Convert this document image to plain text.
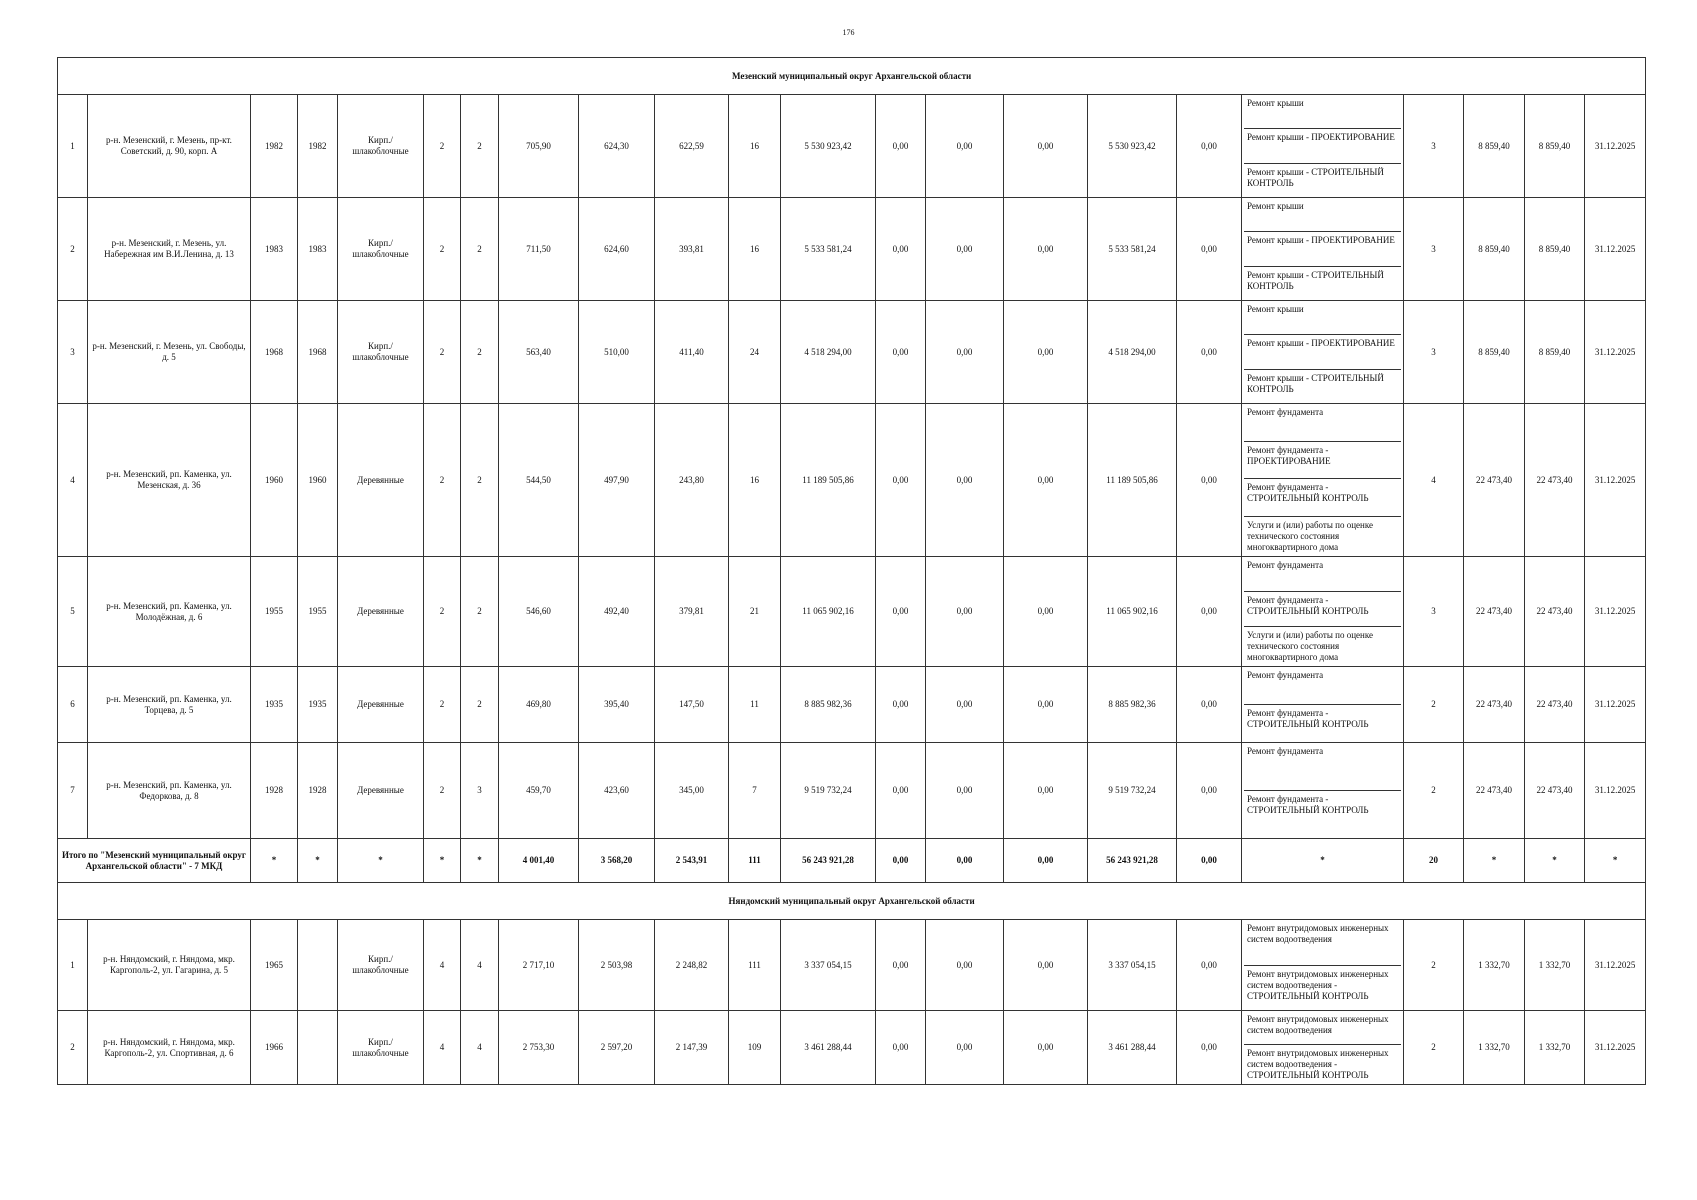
176
Мезенский муниципальный округ Архангельской области																					
1	р-н. Мезенский, г. Мезень, пр-кт. Советский, д. 90, корп. А	1982	1982	Кирп./ шлакоблочные	2	2	705,90	624,30	622,59	16	5 530 923,42	0,00	0,00	0,00	5 530 923,42	0,00	Ремонт крыши
Ремонт крыши - ПРОЕКТИРОВАНИЕ
Ремонт крыши - СТРОИТЕЛЬНЫЙ КОНТРОЛЬ	3	8 859,40	8 859,40	31.12.2025
2	р-н. Мезенский, г. Мезень, ул. Набережная им В.И.Ленина, д. 13	1983	1983	Кирп./ шлакоблочные	2	2	711,50	624,60	393,81	16	5 533 581,24	0,00	0,00	0,00	5 533 581,24	0,00	Ремонт крыши
Ремонт крыши - ПРОЕКТИРОВАНИЕ
Ремонт крыши - СТРОИТЕЛЬНЫЙ КОНТРОЛЬ	3	8 859,40	8 859,40	31.12.2025
3	р-н. Мезенский, г. Мезень, ул. Свободы, д. 5	1968	1968	Кирп./ шлакоблочные	2	2	563,40	510,00	411,40	24	4 518 294,00	0,00	0,00	0,00	4 518 294,00	0,00	Ремонт крыши
Ремонт крыши - ПРОЕКТИРОВАНИЕ
Ремонт крыши - СТРОИТЕЛЬНЫЙ КОНТРОЛЬ	3	8 859,40	8 859,40	31.12.2025
4	р-н. Мезенский, рп. Каменка, ул. Мезенская, д. 36	1960	1960	Деревянные	2	2	544,50	497,90	243,80	16	11 189 505,86	0,00	0,00	0,00	11 189 505,86	0,00	Ремонт фундамента
Ремонт фундамента - ПРОЕКТИРОВАНИЕ
Ремонт фундамента - СТРОИТЕЛЬНЫЙ КОНТРОЛЬ
Услуги и (или) работы по оценке технического состояния многоквартирного дома	4	22 473,40	22 473,40	31.12.2025
5	р-н. Мезенский, рп. Каменка, ул. Молодёжная, д. 6	1955	1955	Деревянные	2	2	546,60	492,40	379,81	21	11 065 902,16	0,00	0,00	0,00	11 065 902,16	0,00	Ремонт фундамента
Ремонт фундамента - СТРОИТЕЛЬНЫЙ КОНТРОЛЬ
Услуги и (или) работы по оценке технического состояния многоквартирного дома	3	22 473,40	22 473,40	31.12.2025
6	р-н. Мезенский, рп. Каменка, ул. Торцева, д. 5	1935	1935	Деревянные	2	2	469,80	395,40	147,50	11	8 885 982,36	0,00	0,00	0,00	8 885 982,36	0,00	Ремонт фундамента
Ремонт фундамента - СТРОИТЕЛЬНЫЙ КОНТРОЛЬ	2	22 473,40	22 473,40	31.12.2025
7	р-н. Мезенский, рп. Каменка, ул. Федоркова, д. 8	1928	1928	Деревянные	2	3	459,70	423,60	345,00	7	9 519 732,24	0,00	0,00	0,00	9 519 732,24	0,00	Ремонт фундамента
Ремонт фундамента - СТРОИТЕЛЬНЫЙ КОНТРОЛЬ	2	22 473,40	22 473,40	31.12.2025
Итого по "Мезенский муниципальный округ Архангельской области" - 7 МКД		*	*	*	*	*	4 001,40	3 568,20	2 543,91	111	56 243 921,28	0,00	0,00	0,00	56 243 921,28	0,00	*	20	*	*	*
Няндомский муниципальный округ Архангельской области																					
1	р-н. Няндомский, г. Няндома, мкр. Каргополь-2, ул. Гагарина, д. 5	1965		Кирп./ шлакоблочные	4	4	2 717,10	2 503,98	2 248,82	111	3 337 054,15	0,00	0,00	0,00	3 337 054,15	0,00	Ремонт внутридомовых инженерных систем водоотведения
Ремонт внутридомовых инженерных систем водоотведения - СТРОИТЕЛЬНЫЙ КОНТРОЛЬ	2	1 332,70	1 332,70	31.12.2025
2	р-н. Няндомский, г. Няндома, мкр. Каргополь-2, ул. Спортивная, д. 6	1966		Кирп./ шлакоблочные	4	4	2 753,30	2 597,20	2 147,39	109	3 461 288,44	0,00	0,00	0,00	3 461 288,44	0,00	Ремонт внутридомовых инженерных систем водоотведения
Ремонт внутридомовых инженерных систем водоотведения - СТРОИТЕЛЬНЫЙ КОНТРОЛЬ	2	1 332,70	1 332,70	31.12.2025
